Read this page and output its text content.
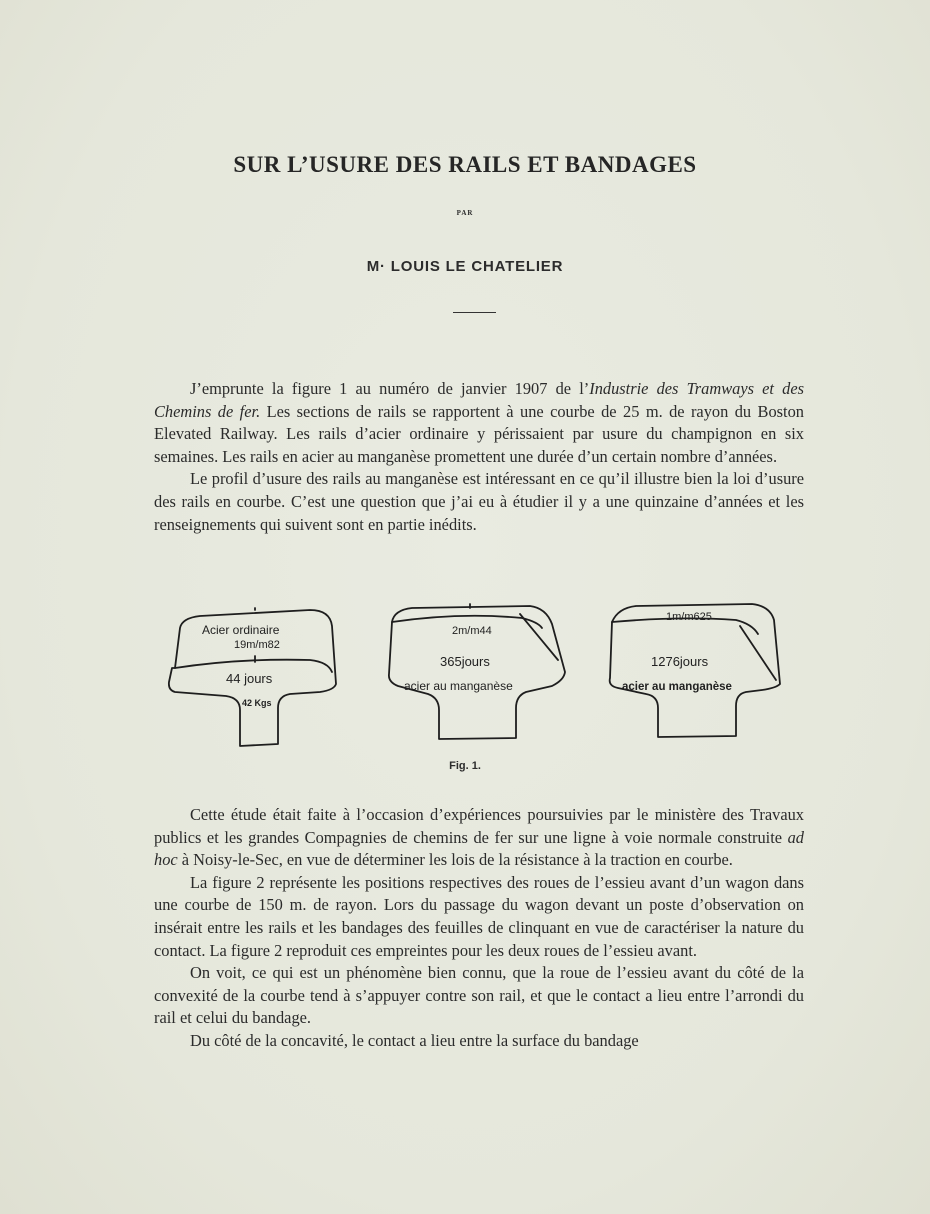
SUR L’USURE DES RAILS ET BANDAGES
PAR
M· LOUIS LE CHATELIER

J’emprunte la figure 1 au numéro de janvier 1907 de l’Industrie des Tramways et des Chemins de fer. Les sections de rails se rapportent à une courbe de 25 m. de rayon du Boston Elevated Railway. Les rails d’acier ordinaire y périssaient par usure du champignon en six semaines. Les rails en acier au manganèse promettent une durée d’un certain nombre d’années.

Le profil d’usure des rails au manganèse est intéressant en ce qu’il illustre bien la loi d’usure des rails en courbe. C’est une question que j’ai eu à étudier il y a une quinzaine d’années et les renseignements qui suivent sont en partie inédits.

Acier ordinaire
19m/m82
44 jours
42 Kgs
2m/m44
365jours
acier au manganèse
1m/m625
1276jours
acier au manganèse
Fig. 1.

Cette étude était faite à l’occasion d’expériences poursuivies par le ministère des Travaux publics et les grandes Compagnies de chemins de fer sur une ligne à voie normale construite ad hoc à Noisy-le-Sec, en vue de déterminer les lois de la résistance à la traction en courbe.

La figure 2 représente les positions respectives des roues de l’essieu avant d’un wagon dans une courbe de 150 m. de rayon. Lors du passage du wagon devant un poste d’observation on insérait entre les rails et les bandages des feuilles de clinquant en vue de caractériser la nature du contact. La figure 2 reproduit ces empreintes pour les deux roues de l’essieu avant.

On voit, ce qui est un phénomène bien connu, que la roue de l’essieu avant du côté de la convexité de la courbe tend à s’appuyer contre son rail, et que le contact a lieu entre l’arrondi du rail et celui du bandage.

Du côté de la concavité, le contact a lieu entre la surface du bandage
